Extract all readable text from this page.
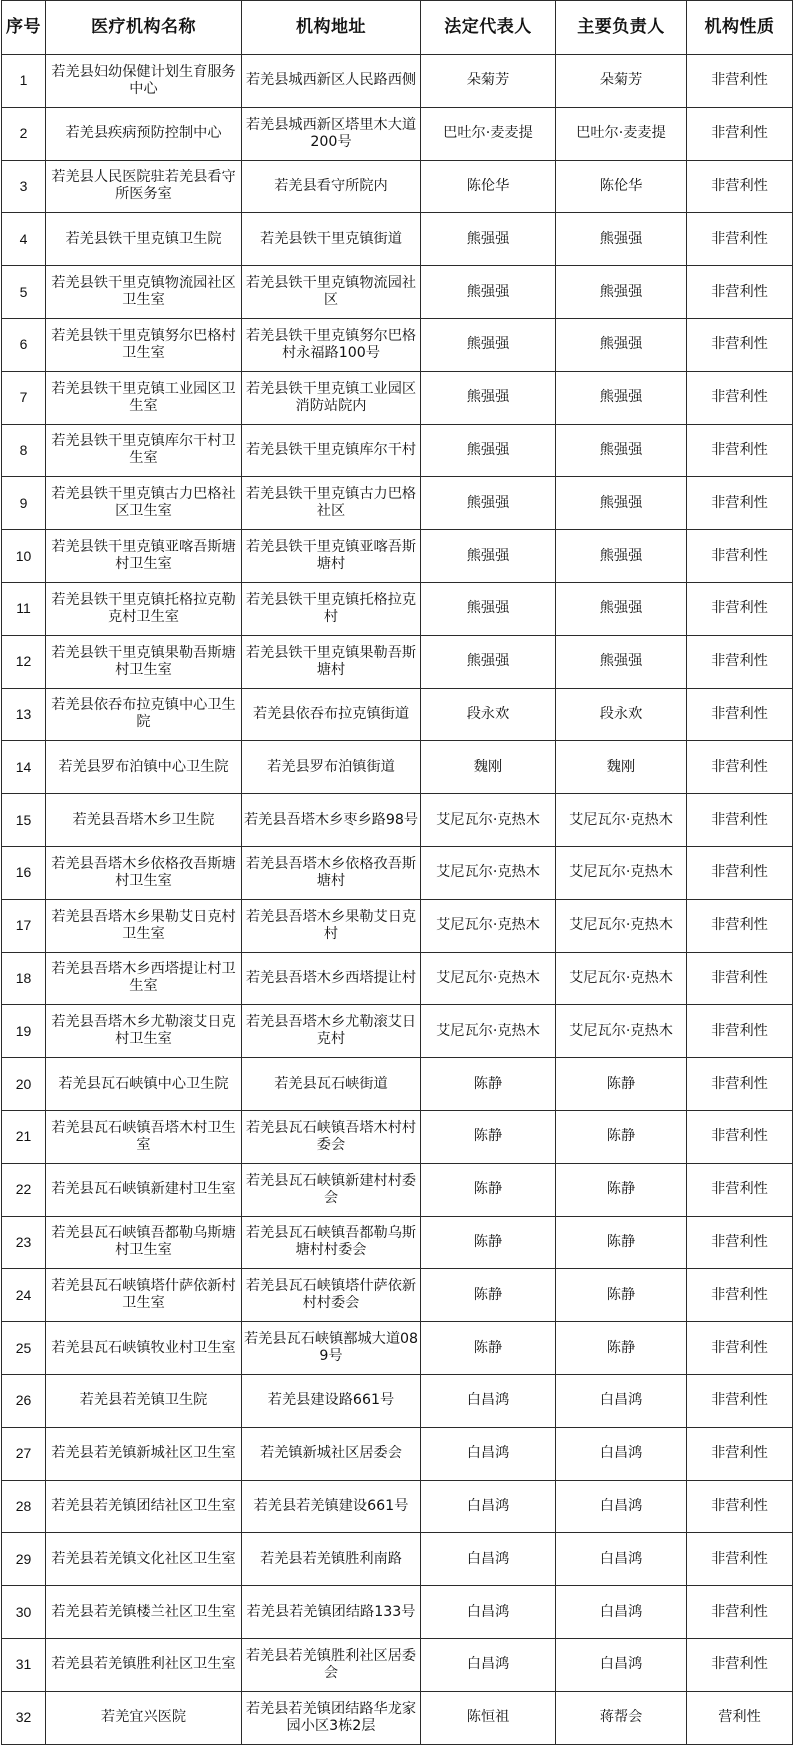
序号	医疗机构名称	机构地址	法定代表人	主要负责人	机构性质
1	若羌县妇幼保健计划生育服务中心	若羌县城西新区人民路西侧	朵菊芳	朵菊芳	非营利性
2	若羌县疾病预防控制中心	若羌县城西新区塔里木大道200号	巴吐尔·麦麦提	巴吐尔·麦麦提	非营利性
3	若羌县人民医院驻若羌县看守所医务室	若羌县看守所院内	陈伦华	陈伦华	非营利性
4	若羌县铁干里克镇卫生院	若羌县铁干里克镇街道	熊强强	熊强强	非营利性
5	若羌县铁干里克镇物流园社区卫生室	若羌县铁干里克镇物流园社区	熊强强	熊强强	非营利性
6	若羌县铁干里克镇努尔巴格村卫生室	若羌县铁干里克镇努尔巴格村永福路100号	熊强强	熊强强	非营利性
7	若羌县铁干里克镇工业园区卫生室	若羌县铁干里克镇工业园区消防站院内	熊强强	熊强强	非营利性
8	若羌县铁干里克镇库尔干村卫生室	若羌县铁干里克镇库尔干村	熊强强	熊强强	非营利性
9	若羌县铁干里克镇古力巴格社区卫生室	若羌县铁干里克镇古力巴格社区	熊强强	熊强强	非营利性
10	若羌县铁干里克镇亚喀吾斯塘村卫生室	若羌县铁干里克镇亚喀吾斯塘村	熊强强	熊强强	非营利性
11	若羌县铁干里克镇托格拉克勒克村卫生室	若羌县铁干里克镇托格拉克村	熊强强	熊强强	非营利性
12	若羌县铁干里克镇果勒吾斯塘村卫生室	若羌县铁干里克镇果勒吾斯塘村	熊强强	熊强强	非营利性
13	若羌县依吞布拉克镇中心卫生院	若羌县依吞布拉克镇街道	段永欢	段永欢	非营利性
14	若羌县罗布泊镇中心卫生院	若羌县罗布泊镇街道	魏刚	魏刚	非营利性
15	若羌县吾塔木乡卫生院	若羌县吾塔木乡枣乡路98号	艾尼瓦尔·克热木	艾尼瓦尔·克热木	非营利性
16	若羌县吾塔木乡依格孜吾斯塘村卫生室	若羌县吾塔木乡依格孜吾斯塘村	艾尼瓦尔·克热木	艾尼瓦尔·克热木	非营利性
17	若羌县吾塔木乡果勒艾日克村卫生室	若羌县吾塔木乡果勒艾日克村	艾尼瓦尔·克热木	艾尼瓦尔·克热木	非营利性
18	若羌县吾塔木乡西塔提让村卫生室	若羌县吾塔木乡西塔提让村	艾尼瓦尔·克热木	艾尼瓦尔·克热木	非营利性
19	若羌县吾塔木乡尤勒滚艾日克村卫生室	若羌县吾塔木乡尤勒滚艾日克村	艾尼瓦尔·克热木	艾尼瓦尔·克热木	非营利性
20	若羌县瓦石峡镇中心卫生院	若羌县瓦石峡街道	陈静	陈静	非营利性
21	若羌县瓦石峡镇吾塔木村卫生室	若羌县瓦石峡镇吾塔木村村委会	陈静	陈静	非营利性
22	若羌县瓦石峡镇新建村卫生室	若羌县瓦石峡镇新建村村委会	陈静	陈静	非营利性
23	若羌县瓦石峡镇吾都勒乌斯塘村卫生室	若羌县瓦石峡镇吾都勒乌斯塘村村委会	陈静	陈静	非营利性
24	若羌县瓦石峡镇塔什萨依新村卫生室	若羌县瓦石峡镇塔什萨依新村村委会	陈静	陈静	非营利性
25	若羌县瓦石峡镇牧业村卫生室	若羌县瓦石峡镇鄯城大道089号	陈静	陈静	非营利性
26	若羌县若羌镇卫生院	若羌县建设路661号	白昌鸿	白昌鸿	非营利性
27	若羌县若羌镇新城社区卫生室	若羌镇新城社区居委会	白昌鸿	白昌鸿	非营利性
28	若羌县若羌镇团结社区卫生室	若羌县若羌镇建设661号	白昌鸿	白昌鸿	非营利性
29	若羌县若羌镇文化社区卫生室	若羌县若羌镇胜利南路	白昌鸿	白昌鸿	非营利性
30	若羌县若羌镇楼兰社区卫生室	若羌县若羌镇团结路133号	白昌鸿	白昌鸿	非营利性
31	若羌县若羌镇胜利社区卫生室	若羌县若羌镇胜利社区居委会	白昌鸿	白昌鸿	非营利性
32	若羌宜兴医院	若羌县若羌镇团结路华龙家园小区3栋2层	陈恒祖	蒋帮会	营利性
